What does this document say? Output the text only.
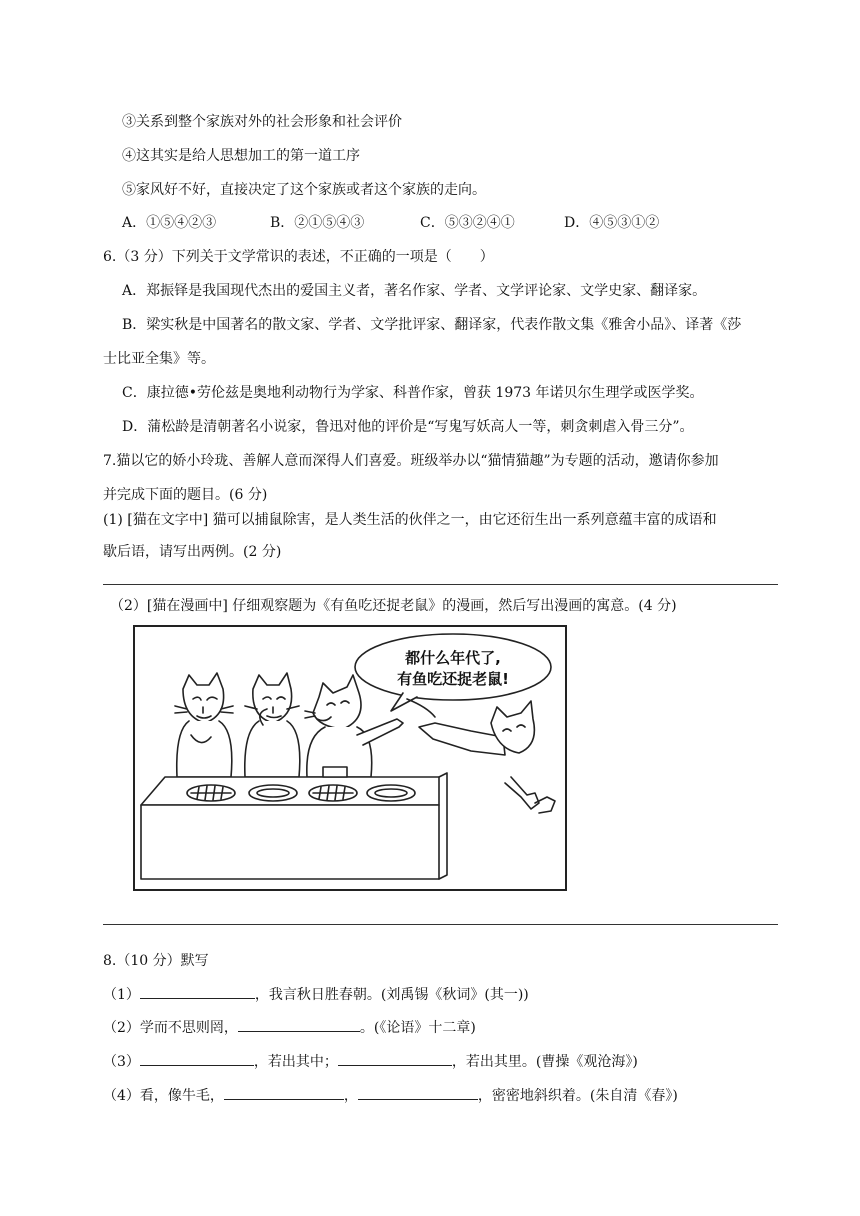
③关系到整个家族对外的社会形象和社会评价
④这其实是给人思想加工的第一道工序
⑤家风好不好，直接决定了这个家族或者这个家族的走向。
A．①⑤④②③	B．②①⑤④③	C．⑤③②④①	D．④⑤③①②
6.（3 分）下列关于文学常识的表述，不正确的一项是（　　）
A．郑振铎是我国现代杰出的爱国主义者，著名作家、学者、文学评论家、文学史家、翻译家。
B．梁实秋是中国著名的散文家、学者、文学批评家、翻译家，代表作散文集《雅舍小品》、译著《莎
士比亚全集》等。
C．康拉德•劳伦兹是奥地利动物行为学家、科普作家，曾获 1973 年诺贝尔生理学或医学奖。
D．蒲松龄是清朝著名小说家，鲁迅对他的评价是“写鬼写妖高人一等，刺贪刺虐入骨三分”。
7.猫以它的娇小玲珑、善解人意而深得人们喜爱。班级举办以“猫情猫趣”为专题的活动，邀请你参加
并完成下面的题目。(6 分)
(1) [猫在文字中] 猫可以捕鼠除害，是人类生活的伙伴之一，由它还衍生出一系列意蕴丰富的成语和
歇后语，请写出两例。(2 分)
（2）[猫在漫画中] 仔细观察题为《有鱼吃还捉老鼠》的漫画，然后写出漫画的寓意。(4 分)
都什么年代了,
有鱼吃还捉老鼠!
8.（10 分）默写
（1）	，我言秋日胜春朝。(刘禹锡《秋词》(其一))
（2）学而不思则罔，	。(《论语》十二章)
（3）	，若出其中；	，若出其里。(曹操《观沧海》)
（4）看，像牛毛，	，	，密密地斜织着。(朱自清《春》)
